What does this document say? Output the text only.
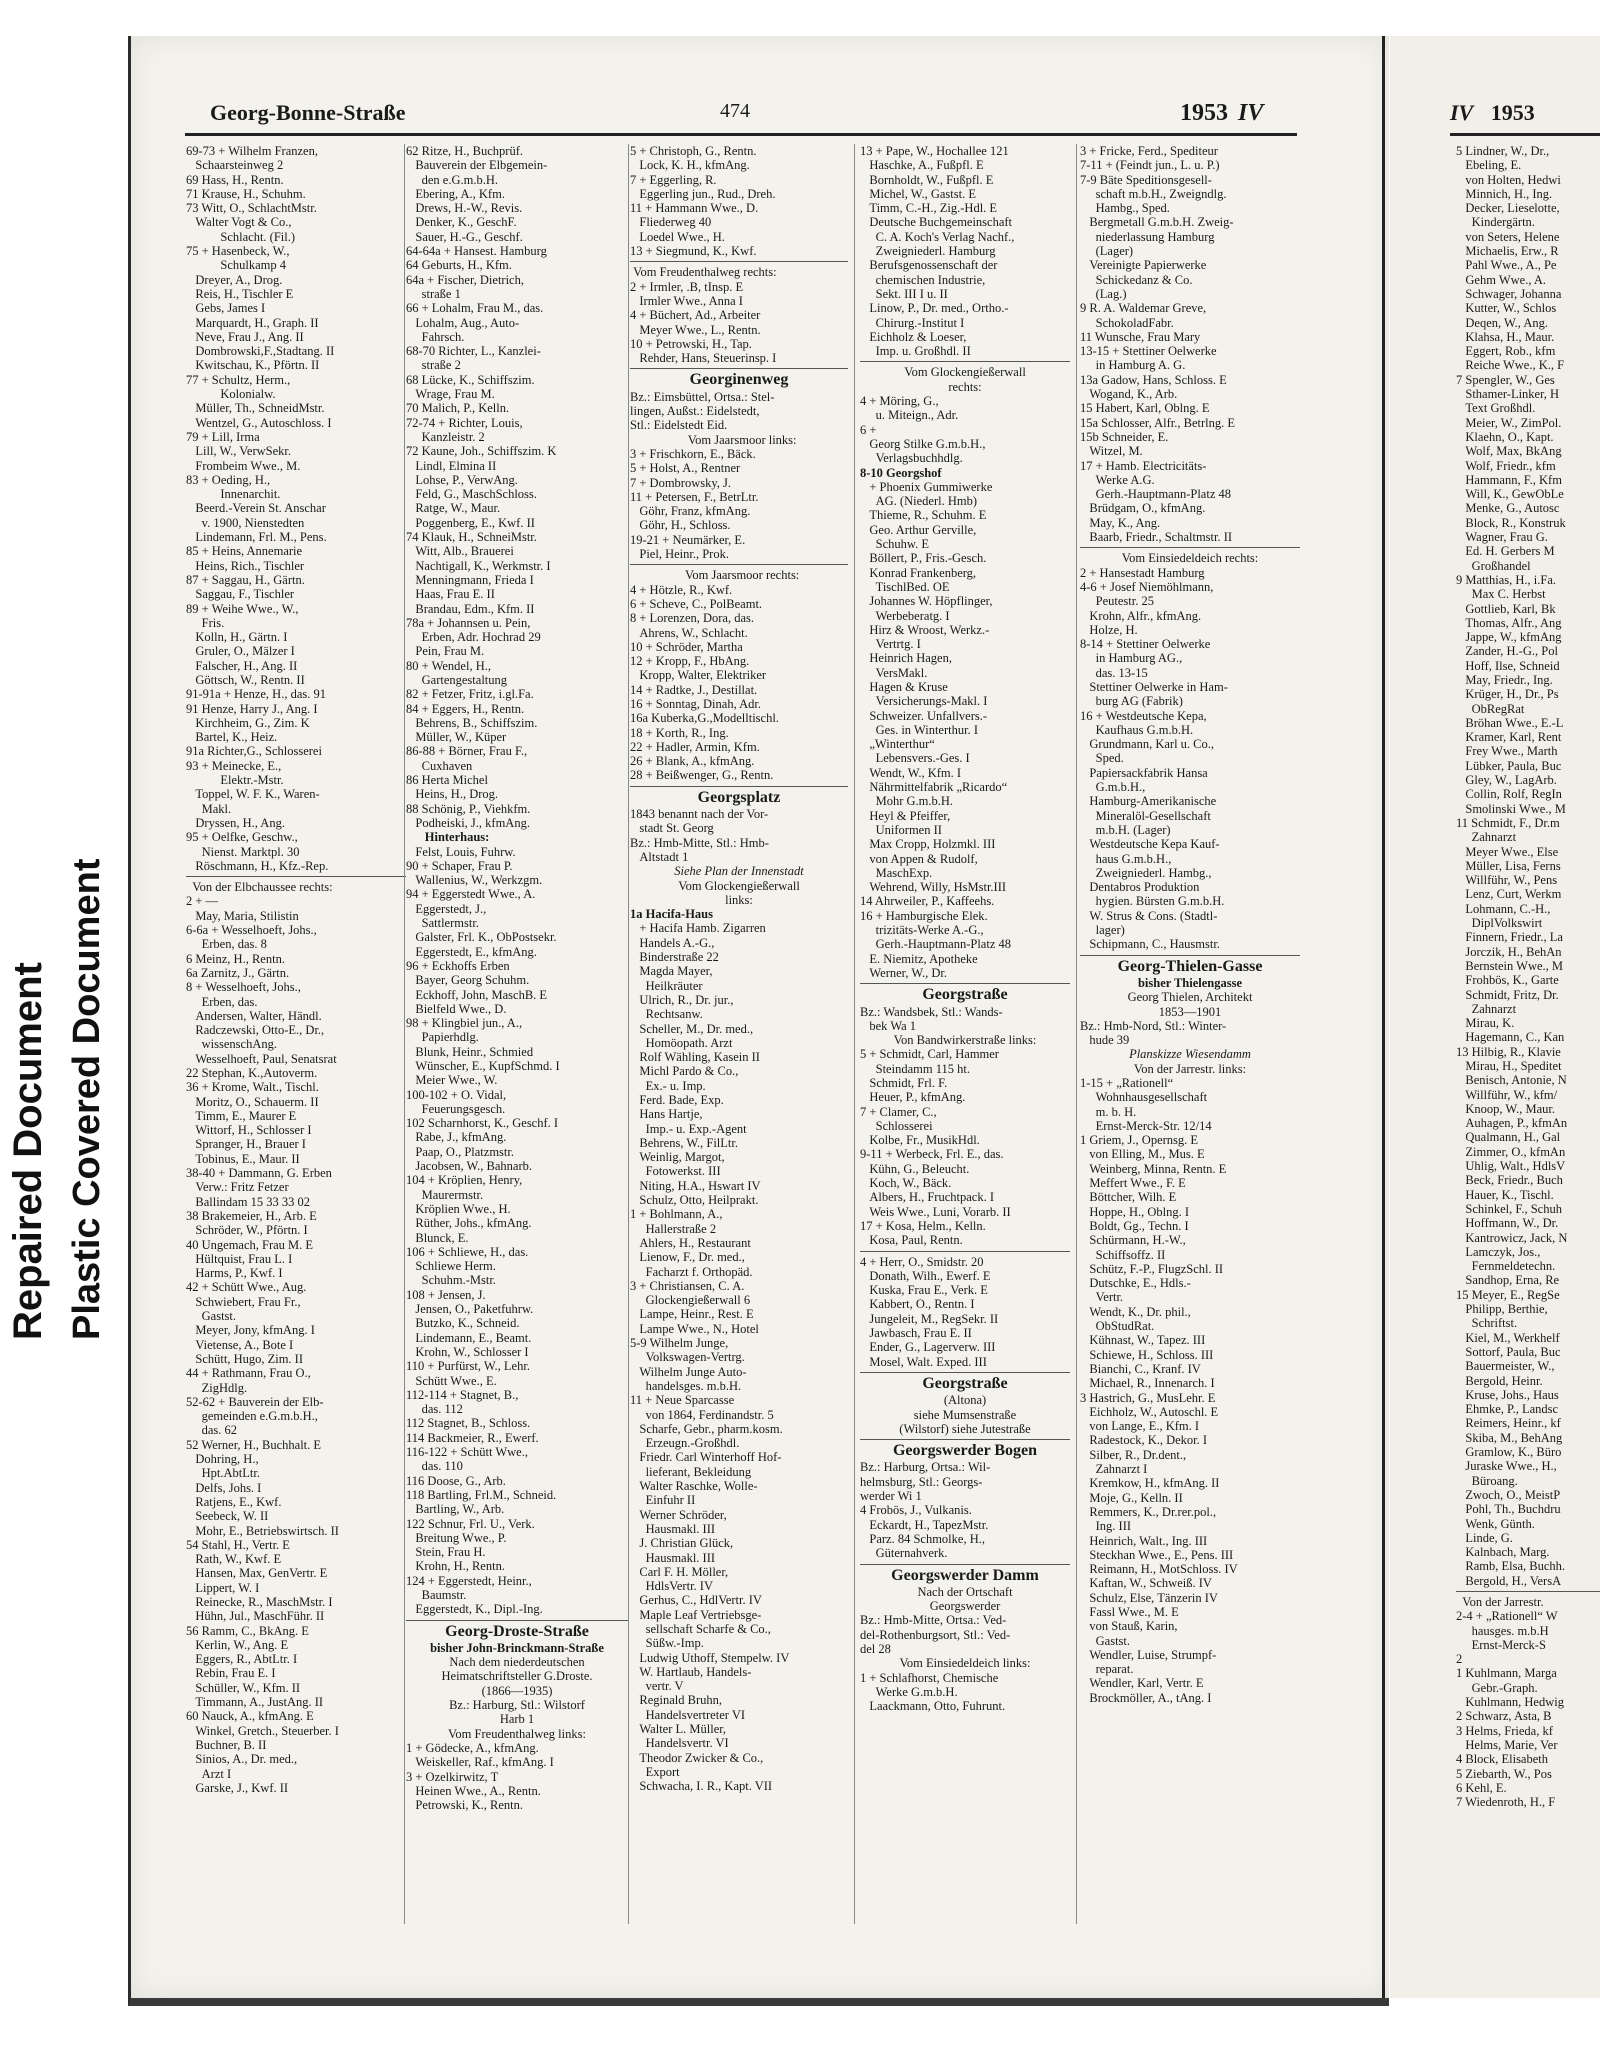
Repaired Document Plastic Covered Document
IV 1953
5 Lindner, W., Dr.,
Ebeling, E.
von Holten, Hedwi
Minnich, H., Ing.
Decker, Lieselotte,
Kindergärtn.
von Seters, Helene
Michaelis, Erw., R
Pahl Wwe., A., Pe
Gehm Wwe., A.
Schwager, Johanna
Kutter, W., Schlos
Deqen, W., Ang.
Klahsa, H., Maur.
Eggert, Rob., kfm
Reiche Wwe., K., F
7 Spengler, W., Ges
Sthamer-Linker, H
Text Großhdl.
Meier, W., ZimPol.
Klaehn, O., Kapt.
Wolf, Max, BkAng
Wolf, Friedr., kfm
Hammann, F., Kfm
Will, K., GewObLe
Menke, G., Autosc
Block, R., Konstruk
Wagner, Frau G.
Ed. H. Gerbers M
Großhandel
9 Matthias, H., i.Fa.
Max C. Herbst
Gottlieb, Karl, Bk
Thomas, Alfr., Ang
Jappe, W., kfmAng
Zander, H.-G., Pol
Hoff, Ilse, Schneid
May, Friedr., Ing.
Krüger, H., Dr., Ps
ObRegRat
Bröhan Wwe., E.-L
Kramer, Karl, Rent
Frey Wwe., Marth
Lübker, Paula, Buc
Gley, W., LagArb.
Collin, Rolf, RegIn
Smolinski Wwe., M
11 Schmidt, F., Dr.m
Zahnarzt
Meyer Wwe., Else
Müller, Lisa, Ferns
Willführ, W., Pens
Lenz, Curt, Werkm
Lohmann, C.-H.,
DiplVolkswirt
Finnern, Friedr., La
Jorczik, H., BehAn
Bernstein Wwe., M
Frohbös, K., Garte
Schmidt, Fritz, Dr.
Zahnarzt
Mirau, K.
Hagemann, C., Kan
13 Hilbig, R., Klavie
Mirau, H., Speditet
Benisch, Antonie, N
Willführ, W., kfm/
Knoop, W., Maur.
Auhagen, P., kfmAn
Qualmann, H., Gal
Zimmer, O., kfmAn
Uhlig, Walt., HdlsV
Beck, Friedr., Buch
Hauer, K., Tischl.
Schinkel, F., Schuh
Hoffmann, W., Dr.
Kantrowicz, Jack, N
Lamczyk, Jos.,
Fernmeldetechn.
Sandhop, Erna, Re
15 Meyer, E., RegSe
Philipp, Berthie,
Schriftst.
Kiel, M., Werkhelf
Sottorf, Paula, Buc
Bauermeister, W.,
Bergold, Heinr.
Kruse, Johs., Haus
Ehmke, P., Landsc
Reimers, Heinr., kf
Skiba, M., BehAng
Gramlow, K., Büro
Juraske Wwe., H.,
Büroang.
Zwoch, O., MeistP
Pohl, Th., Buchdru
Wenk, Günth.
Linde, G.
Kalnbach, Marg.
Ramb, Elsa, Buchh.
Bergold, H., VersA
Von der Jarrestr.
2-4 + „Rationell“ W
hausges. m.b.H
Ernst-Merck-S
2
1 Kuhlmann, Marga
Gebr.-Graph.
Kuhlmann, Hedwig
2 Schwarz, Asta, B
3 Helms, Frieda, kf
Helms, Marie, Ver
4 Block, Elisabeth
5 Ziebarth, W., Pos
6 Kehl, E.
7 Wiedenroth, H., F
Georg-Bonne-Straße	474	1953 IV
69-73 + Wilhelm Franzen,
Schaarsteinweg 2
69 Hass, H., Rentn.
71 Krause, H., Schuhm.
73 Witt, O., SchlachtMstr.
Walter Vogt & Co.,
Schlacht. (Fil.)
75 + Hasenbeck, W.,
Schulkamp 4
Dreyer, A., Drog.
Reis, H., Tischler E
Gebs, James I
Marquardt, H., Graph. II
Neve, Frau J., Ang. II
Dombrowski,F.,Stadtang. II
Kwitschau, K., Pförtn. II
77 + Schultz, Herm.,
Kolonialw.
Müller, Th., SchneidMstr.
Wentzel, G., Autoschloss. I
79 + Lill, Irma
Lill, W., VerwSekr.
Frombeim Wwe., M.
83 + Oeding, H.,
Innenarchit.
Beerd.-Verein St. Anschar
v. 1900, Nienstedten
Lindemann, Frl. M., Pens.
85 + Heins, Annemarie
Heins, Rich., Tischler
87 + Saggau, H., Gärtn.
Saggau, F., Tischler
89 + Weihe Wwe., W.,
Fris.
Kolln, H., Gärtn. I
Gruler, O., Mälzer I
Falscher, H., Ang. II
Göttsch, W., Rentn. II
91-91a + Henze, H., das. 91
91 Henze, Harry J., Ang. I
Kirchheim, G., Zim. K
Bartel, K., Heiz.
91a Richter,G., Schlosserei
93 + Meinecke, E.,
Elektr.-Mstr.
Toppel, W. F. K., Waren-
Makl.
Dryssen, H., Ang.
95 + Oelfke, Geschw.,
Nienst. Marktpl. 30
Röschmann, H., Kfz.-Rep.
Von der Elbchaussee rechts:
2 + —
May, Maria, Stilistin
6-6a + Wesselhoeft, Johs.,
Erben, das. 8
6 Meinz, H., Rentn.
6a Zarnitz, J., Gärtn.
8 + Wesselhoeft, Johs.,
Erben, das.
Andersen, Walter, Händl.
Radczewski, Otto-E., Dr.,
wissenschAng.
Wesselhoeft, Paul, Senatsrat
22 Stephan, K.,Autoverm.
36 + Krome, Walt., Tischl.
Moritz, O., Schauerm. II
Timm, E., Maurer E
Wittorf, H., Schlosser I
Spranger, H., Brauer I
Tobinus, E., Maur. II
38-40 + Dammann, G. Erben
Verw.: Fritz Fetzer
Ballindam 15 33 33 02
38 Brakemeier, H., Arb. E
Schröder, W., Pförtn. I
40 Ungemach, Frau M. E
Hültquist, Frau L. I
Harms, P., Kwf. I
42 + Schütt Wwe., Aug.
Schwiebert, Frau Fr.,
Gastst.
Meyer, Jony, kfmAng. I
Vietense, A., Bote I
Schütt, Hugo, Zim. II
44 + Rathmann, Frau O.,
ZigHdlg.
52-62 + Bauverein der Elb-
gemeinden e.G.m.b.H.,
das. 62
52 Werner, H., Buchhalt. E
Dohring, H.,
Hpt.AbtLtr.
Delfs, Johs. I
Ratjens, E., Kwf.
Seebeck, W. II
Mohr, E., Betriebswirtsch. II
54 Stahl, H., Vertr. E
Rath, W., Kwf. E
Hansen, Max, GenVertr. E
Lippert, W. I
Reinecke, R., MaschMstr. I
Hühn, Jul., MaschFühr. II
56 Ramm, C., BkAng. E
Kerlin, W., Ang. E
Eggers, R., AbtLtr. I
Rebin, Frau E. I
Schüller, W., Kfm. II
Timmann, A., JustAng. II
60 Nauck, A., kfmAng. E
Winkel, Gretch., Steuerber. I
Buchner, B. II
Sinios, A., Dr. med.,
Arzt I
Garske, J., Kwf. II
62 Ritze, H., Buchprüf.
Bauverein der Elbgemein-
den e.G.m.b.H.
Ebering, A., Kfm.
Drews, H.-W., Revis.
Denker, K., GeschF.
Sauer, H.-G., Geschf.
64-64a + Hansest. Hamburg
64 Geburts, H., Kfm.
64a + Fischer, Dietrich,
straße 1
66 + Lohalm, Frau M., das.
Lohalm, Aug., Auto-
Fahrsch.
68-70 Richter, L., Kanzlei-
straße 2
68 Lücke, K., Schiffszim.
Wrage, Frau M.
70 Malich, P., Kelln.
72-74 + Richter, Louis,
Kanzleistr. 2
72 Kaune, Joh., Schiffszim. K
Lindl, Elmina II
Lohse, P., VerwAng.
Feld, G., MaschSchloss.
Ratge, W., Maur.
Poggenberg, E., Kwf. II
74 Klauk, H., SchneiMstr.
Witt, Alb., Brauerei
Nachtigall, K., Werkmstr. I
Menningmann, Frieda I
Haas, Frau E. II
Brandau, Edm., Kfm. II
78a + Johannsen u. Pein,
Erben, Adr. Hochrad 29
Pein, Frau M.
80 + Wendel, H.,
Gartengestaltung
82 + Fetzer, Fritz, i.gl.Fa.
84 + Eggers, H., Rentn.
Behrens, B., Schiffszim.
Müller, W., Küper
86-88 + Börner, Frau F.,
Cuxhaven
86 Herta Michel
Heins, H., Drog.
88 Schönig, P., Viehkfm.
Podheiski, J., kfmAng.
Hinterhaus:
Felst, Louis, Fuhrw.
90 + Schaper, Frau P.
Wallenius, W., Werkzgm.
94 + Eggerstedt Wwe., A.
Eggerstedt, J.,
Sattlermstr.
Galster, Frl. K., ObPostsekr.
Eggerstedt, E., kfmAng.
96 + Eckhoffs Erben
Bayer, Georg Schuhm.
Eckhoff, John, MaschB. E
Bielfeld Wwe., D.
98 + Klingbiel jun., A.,
Papierhdlg.
Blunk, Heinr., Schmied
Wünscher, E., KupfSchmd. I
Meier Wwe., W.
100-102 + O. Vidal,
Feuerungsgesch.
102 Scharnhorst, K., Geschf. I
Rabe, J., kfmAng.
Paap, O., Platzmstr.
Jacobsen, W., Bahnarb.
104 + Kröplien, Henry,
Maurermstr.
Kröplien Wwe., H.
Rüther, Johs., kfmAng.
Blunck, E.
106 + Schliewe, H., das.
Schliewe Herm.
Schuhm.-Mstr.
108 + Jensen, J.
Jensen, O., Paketfuhrw.
Butzko, K., Schneid.
Lindemann, E., Beamt.
Krohn, W., Schlosser I
110 + Purfürst, W., Lehr.
Schütt Wwe., E.
112-114 + Stagnet, B.,
das. 112
112 Stagnet, B., Schloss.
114 Backmeier, R., Ewerf.
116-122 + Schütt Wwe.,
das. 110
116 Doose, G., Arb.
118 Bartling, Frl.M., Schneid.
Bartling, W., Arb.
122 Schnur, Frl. U., Verk.
Breitung Wwe., P.
Stein, Frau H.
Krohn, H., Rentn.
124 + Eggerstedt, Heinr.,
Baumstr.
Eggerstedt, K., Dipl.-Ing.
Georg-Droste-Straße
bisher John-Brinckmann-Straße
Nach dem niederdeutschen
Heimatschriftsteller G.Droste.
(1866—1935)
Bz.: Harburg, Stl.: Wilstorf
Harb 1
Vom Freudenthalweg links:
1 + Gödecke, A., kfmAng.
Weiskeller, Raf., kfmAng. I
3 + Ozelkirwitz, T
Heinen Wwe., A., Rentn.
Petrowski, K., Rentn.
5 + Christoph, G., Rentn.
Lock, K. H., kfmAng.
7 + Eggerling, R.
Eggerling jun., Rud., Dreh.
11 + Hammann Wwe., D.
Fliederweg 40
Loedel Wwe., H.
13 + Siegmund, K., Kwf.
Vom Freudenthalweg rechts:
2 + Irmler, .B, tInsp. E
Irmler Wwe., Anna I
4 + Büchert, Ad., Arbeiter
Meyer Wwe., L., Rentn.
10 + Petrowski, H., Tap.
Rehder, Hans, Steuerinsp. I
Georginenweg
Bz.: Eimsbüttel, Ortsa.: Stel-
lingen, Außst.: Eidelstedt,
Stl.: Eidelstedt Eid.
Vom Jaarsmoor links:
3 + Frischkorn, E., Bäck.
5 + Holst, A., Rentner
7 + Dombrowsky, J.
11 + Petersen, F., BetrLtr.
Göhr, Franz, kfmAng.
Göhr, H., Schloss.
19-21 + Neumärker, E.
Piel, Heinr., Prok.
Vom Jaarsmoor rechts:
4 + Hötzle, R., Kwf.
6 + Scheve, C., PolBeamt.
8 + Lorenzen, Dora, das.
Ahrens, W., Schlacht.
10 + Schröder, Martha
12 + Kropp, F., HbAng.
Kropp, Walter, Elektriker
14 + Radtke, J., Destillat.
16 + Sonntag, Dinah, Adr.
16a Kuberka,G.,Modelltischl.
18 + Korth, R., Ing.
22 + Hadler, Armin, Kfm.
26 + Blank, A., kfmAng.
28 + Beißwenger, G., Rentn.
Georgsplatz
1843 benannt nach der Vor-
stadt St. Georg
Bz.: Hmb-Mitte, Stl.: Hmb-
Altstadt 1
Siehe Plan der Innenstadt
Vom Glockengießerwall
links:
1a Hacifa-Haus
+ Hacifa Hamb. Zigarren
Handels A.-G.,
Binderstraße 22
Magda Mayer,
Heilkräuter
Ulrich, R., Dr. jur.,
Rechtsanw.
Scheller, M., Dr. med.,
Homöopath. Arzt
Rolf Wähling, Kasein II
Michl Pardo & Co.,
Ex.- u. Imp.
Ferd. Bade, Exp.
Hans Hartje,
Imp.- u. Exp.-Agent
Behrens, W., FilLtr.
Weinlig, Margot,
Fotowerkst. III
Niting, H.A., Hswart IV
Schulz, Otto, Heilprakt.
1 + Bohlmann, A.,
Hallerstraße 2
Ahlers, H., Restaurant
Lienow, F., Dr. med.,
Facharzt f. Orthopäd.
3 + Christiansen, C. A.
Glockengießerwall 6
Lampe, Heinr., Rest. E
Lampe Wwe., N., Hotel
5-9 Wilhelm Junge,
Volkswagen-Vertrg.
Wilhelm Junge Auto-
handelsges. m.b.H.
11 + Neue Sparcasse
von 1864, Ferdinandstr. 5
Scharfe, Gebr., pharm.kosm.
Erzeugn.-Großhdl.
Friedr. Carl Winterhoff Hof-
lieferant, Bekleidung
Walter Raschke, Wolle-
Einfuhr II
Werner Schröder,
Hausmakl. III
J. Christian Glück,
Hausmakl. III
Carl F. H. Möller,
HdlsVertr. IV
Gerhus, C., HdlVertr. IV
Maple Leaf Vertriebsge-
sellschaft Scharfe & Co.,
Süßw.-Imp.
Ludwig Uthoff, Stempelw. IV
W. Hartlaub, Handels-
vertr. V
Reginald Bruhn,
Handelsvertreter VI
Walter L. Müller,
Handelsvertr. VI
Theodor Zwicker & Co.,
Export
Schwacha, I. R., Kapt. VII
13 + Pape, W., Hochallee 121
Haschke, A., Fußpfl. E
Bornholdt, W., Fußpfl. E
Michel, W., Gastst. E
Timm, C.-H., Zig.-Hdl. E
Deutsche Buchgemeinschaft
C. A. Koch's Verlag Nachf.,
Zweigniederl. Hamburg
Berufsgenossenschaft der
chemischen Industrie,
Sekt. III I u. II
Linow, P., Dr. med., Ortho.-
Chirurg.-Institut I
Eichholz & Loeser,
Imp. u. Großhdl. II
Vom Glockengießerwall
rechts:
4 + Möring, G.,
u. Miteign., Adr.
6 +
Georg Stilke G.m.b.H.,
Verlagsbuchhdlg.
8-10 Georgshof
+ Phoenix Gummiwerke
AG. (Niederl. Hmb)
Thieme, R., Schuhm. E
Geo. Arthur Gerville,
Schuhw. E
Böllert, P., Fris.-Gesch.
Konrad Frankenberg,
TischlBed. OE
Johannes W. Höpflinger,
Werbeberatg. I
Hirz & Wroost, Werkz.-
Vertrtg. I
Heinrich Hagen,
VersMakl.
Hagen & Kruse
Versicherungs-Makl. I
Schweizer. Unfallvers.-
Ges. in Winterthur. I
„Winterthur“
Lebensvers.-Ges. I
Wendt, W., Kfm. I
Nährmittelfabrik „Ricardo“
Mohr G.m.b.H.
Heyl & Pfeiffer,
Uniformen II
Max Cropp, Holzmkl. III
von Appen & Rudolf,
MaschExp.
Wehrend, Willy, HsMstr.III
14 Ahrweiler, P., Kaffeehs.
16 + Hamburgische Elek.
trizitäts-Werke A.-G.,
Gerh.-Hauptmann-Platz 48
E. Niemitz, Apotheke
Werner, W., Dr.
Georgstraße
Bz.: Wandsbek, Stl.: Wands-
bek Wa 1
Von Bandwirkerstraße links:
5 + Schmidt, Carl, Hammer
Steindamm 115 ht.
Schmidt, Frl. F.
Heuer, P., kfmAng.
7 + Clamer, C.,
Schlosserei
Kolbe, Fr., MusikHdl.
9-11 + Werbeck, Frl. E., das.
Kühn, G., Beleucht.
Koch, W., Bäck.
Albers, H., Fruchtpack. I
Weis Wwe., Luni, Vorarb. II
17 + Kosa, Helm., Kelln.
Kosa, Paul, Rentn.
4 + Herr, O., Smidstr. 20
Donath, Wilh., Ewerf. E
Kuska, Frau E., Verk. E
Kabbert, O., Rentn. I
Jungeleit, M., RegSekr. II
Jawbasch, Frau E. II
Ender, G., Lagerverw. III
Mosel, Walt. Exped. III
Georgstraße
(Altona)
siehe Mumsenstraße
(Wilstorf) siehe Jutestraße
Georgswerder Bogen
Bz.: Harburg, Ortsa.: Wil-
helmsburg, Stl.: Georgs-
werder Wi 1
4 Frobös, J., Vulkanis.
Eckardt, H., TapezMstr.
Parz. 84 Schmolke, H.,
Güternahverk.
Georgswerder Damm
Nach der Ortschaft
Georgswerder
Bz.: Hmb-Mitte, Ortsa.: Ved-
del-Rothenburgsort, Stl.: Ved-
del 28
Vom Einsiedeldeich links:
1 + Schlafhorst, Chemische
Werke G.m.b.H.
Laackmann, Otto, Fuhrunt.
3 + Fricke, Ferd., Spediteur
7-11 + (Feindt jun., L. u. P.)
7-9 Bäte Speditionsgesell-
schaft m.b.H., Zweigndlg.
Hambg., Sped.
Bergmetall G.m.b.H. Zweig-
niederlassung Hamburg
(Lager)
Vereinigte Papierwerke
Schickedanz & Co.
(Lag.)
9 R. A. Waldemar Greve,
SchokoladFabr.
11 Wunsche, Frau Mary
13-15 + Stettiner Oelwerke
in Hamburg A. G.
13a Gadow, Hans, Schloss. E
Wogand, K., Arb.
15 Habert, Karl, Oblng. E
15a Schlosser, Alfr., Betrlng. E
15b Schneider, E.
Witzel, M.
17 + Hamb. Electricitäts-
Werke A.G.
Gerh.-Hauptmann-Platz 48
Brüdgam, O., kfmAng.
May, K., Ang.
Baarb, Friedr., Schaltmstr. II
Vom Einsiedeldeich rechts:
2 + Hansestadt Hamburg
4-6 + Josef Niemöhlmann,
Peutestr. 25
Krohn, Alfr., kfmAng.
Holze, H.
8-14 + Stettiner Oelwerke
in Hamburg AG.,
das. 13-15
Stettiner Oelwerke in Ham-
burg AG (Fabrik)
16 + Westdeutsche Kepa,
Kaufhaus G.m.b.H.
Grundmann, Karl u. Co.,
Sped.
Papiersackfabrik Hansa
G.m.b.H.,
Hamburg-Amerikanische
Mineralöl-Gesellschaft
m.b.H. (Lager)
Westdeutsche Kepa Kauf-
haus G.m.b.H.,
Zweigniederl. Hambg.,
Dentabros Produktion
hygien. Bürsten G.m.b.H.
W. Strus & Cons. (Stadtl-
lager)
Schipmann, C., Hausmstr.
Georg-Thielen-Gasse
bisher Thielengasse
Georg Thielen, Architekt
1853—1901
Bz.: Hmb-Nord, Stl.: Winter-
hude 39
Planskizze Wiesendamm
Von der Jarrestr. links:
1-15 + „Rationell“
Wohnhausgesellschaft
m. b. H.
Ernst-Merck-Str. 12/14
1 Griem, J., Opernsg. E
von Elling, M., Mus. E
Weinberg, Minna, Rentn. E
Meffert Wwe., F. E
Böttcher, Wilh. E
Hoppe, H., Oblng. I
Boldt, Gg., Techn. I
Schürmann, H.-W.,
Schiffsoffz. II
Schütz, F.-P., FlugzSchl. II
Dutschke, E., Hdls.-
Vertr.
Wendt, K., Dr. phil.,
ObStudRat.
Kühnast, W., Tapez. III
Schiewe, H., Schloss. III
Bianchi, C., Kranf. IV
Michael, R., Innenarch. I
3 Hastrich, G., MusLehr. E
Eichholz, W., Autoschl. E
von Lange, E., Kfm. I
Radestock, K., Dekor. I
Silber, R., Dr.dent.,
Zahnarzt I
Kremkow, H., kfmAng. II
Moje, G., Kelln. II
Remmers, K., Dr.rer.pol.,
Ing. III
Heinrich, Walt., Ing. III
Steckhan Wwe., E., Pens. III
Reimann, H., MotSchloss. IV
Kaftan, W., Schweiß. IV
Schulz, Else, Tänzerin IV
Fassl Wwe., M. E
von Stauß, Karin,
Gastst.
Wendler, Luise, Strumpf-
reparat.
Wendler, Karl, Vertr. E
Brockmöller, A., tAng. I
